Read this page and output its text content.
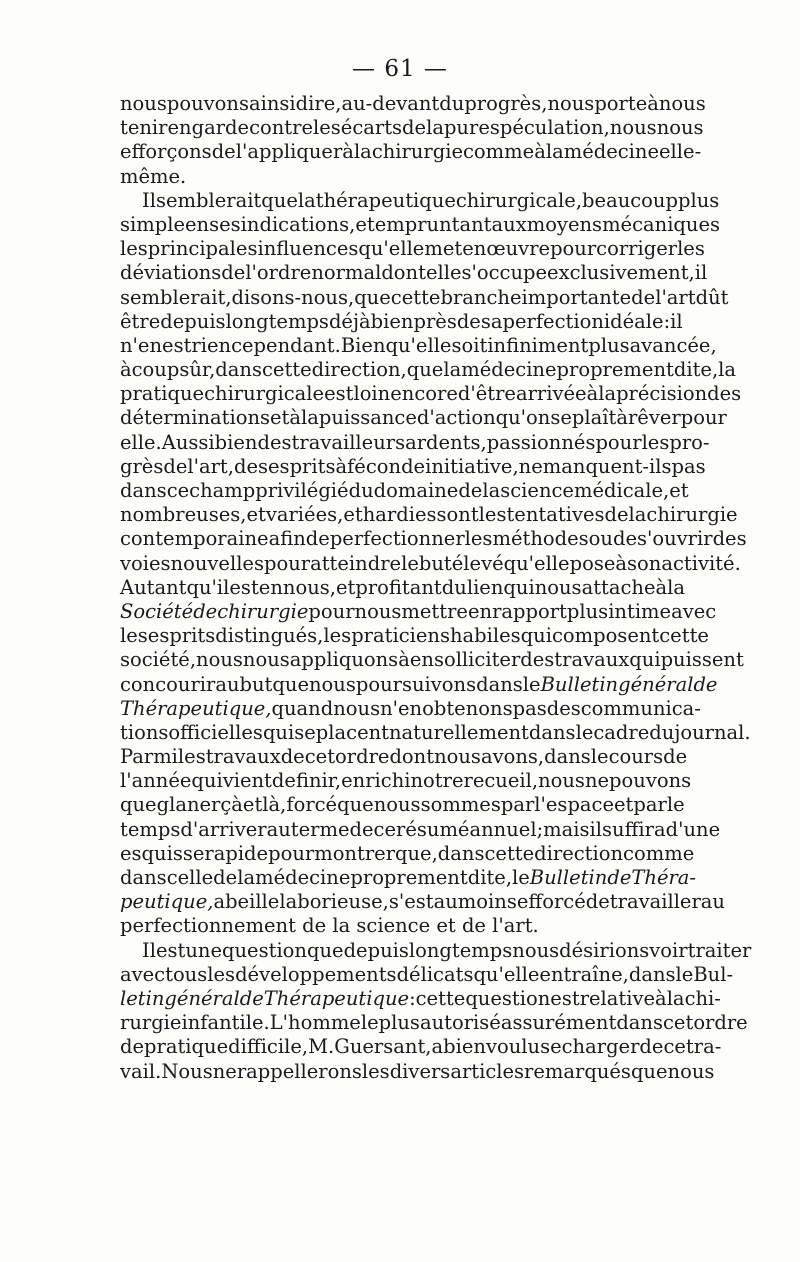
— 61 —
nous pouvons ainsi dire, au-devant du progrès, nous porte à nous
tenir en garde contre les écarts de la pure spéculation, nous nous
efforçons de l'appliquer à la chirurgie comme à la médecine elle-
même.
Il semblerait que la thérapeutique chirurgicale, beaucoup plus
simple en ses indications, et empruntant aux moyens mécaniques
les principales influences qu'elle met en œuvre pour corriger les
déviations de l'ordre normal dont elle s'occupe exclusivement, il
semblerait, disons-nous, que cette branche importante de l'art dût
être depuis longtemps déjà bien près de sa perfection idéale : il
n'en est rien cependant. Bien qu'elle soit infiniment plus avancée,
à coup sûr, dans cette direction, que la médecine proprement dite, la
pratique chirurgicale est loin encore d'être arrivée à la précision des
déterminations et à la puissance d'action qu'on se plaît à rêver pour
elle. Aussi bien des travailleurs ardents, passionnés pour les pro-
grès de l'art, des esprits à féconde initiative, ne manquent-ils pas
dans ce champ privilégié du domaine de la science médicale, et
nombreuses, et variées, et hardies sont les tentatives de la chirurgie
contemporaine afin de perfectionner les méthodes ou de s'ouvrir des
voies nouvelles pour atteindre le but élevé qu'elle pose à son activité.
Autant qu'il est en nous, et profitant du lien qui nous attache à la
Société de chirurgie pour nous mettre en rapport plus intime avec
les esprits distingués, les praticiens habiles qui composent cette
société, nous nous appliquons à en solliciter des travaux qui puissent
concourir au but que nous poursuivons dans le Bulletin général de
Thérapeutique, quand nous n'en obtenons pas des communica-
tions officielles qui se placent naturellement dans le cadre du journal.
Parmi les travaux de cet ordre dont nous avons, dans le cours de
l'année qui vient de finir, enrichi notre recueil, nous ne pouvons
que glaner çà et là, forcé que nous sommes par l'espace et par le
temps d'arriver au terme de ce résumé annuel ; mais il suffira d'une
esquisse rapide pour montrer que, dans cette direction comme
dans celle de la médecine proprement dite, le Bulletin de Théra-
peutique, abeille laborieuse, s'est au moins efforcé de travailler au
perfectionnement de la science et de l'art.
Il est une question que depuis longtemps nous désirions voir traiter
avec tous les développements délicats qu'elle entraîne, dans le Bul-
letin général de Thérapeutique : cette question est relative à la chi-
rurgie infantile. L'homme le plus autorisé assurément dans cet ordre
de pratique difficile, M. Guersant, a bien voulu se charger de ce tra-
vail. Nous ne rappellerons les divers articles remarqués que nous
